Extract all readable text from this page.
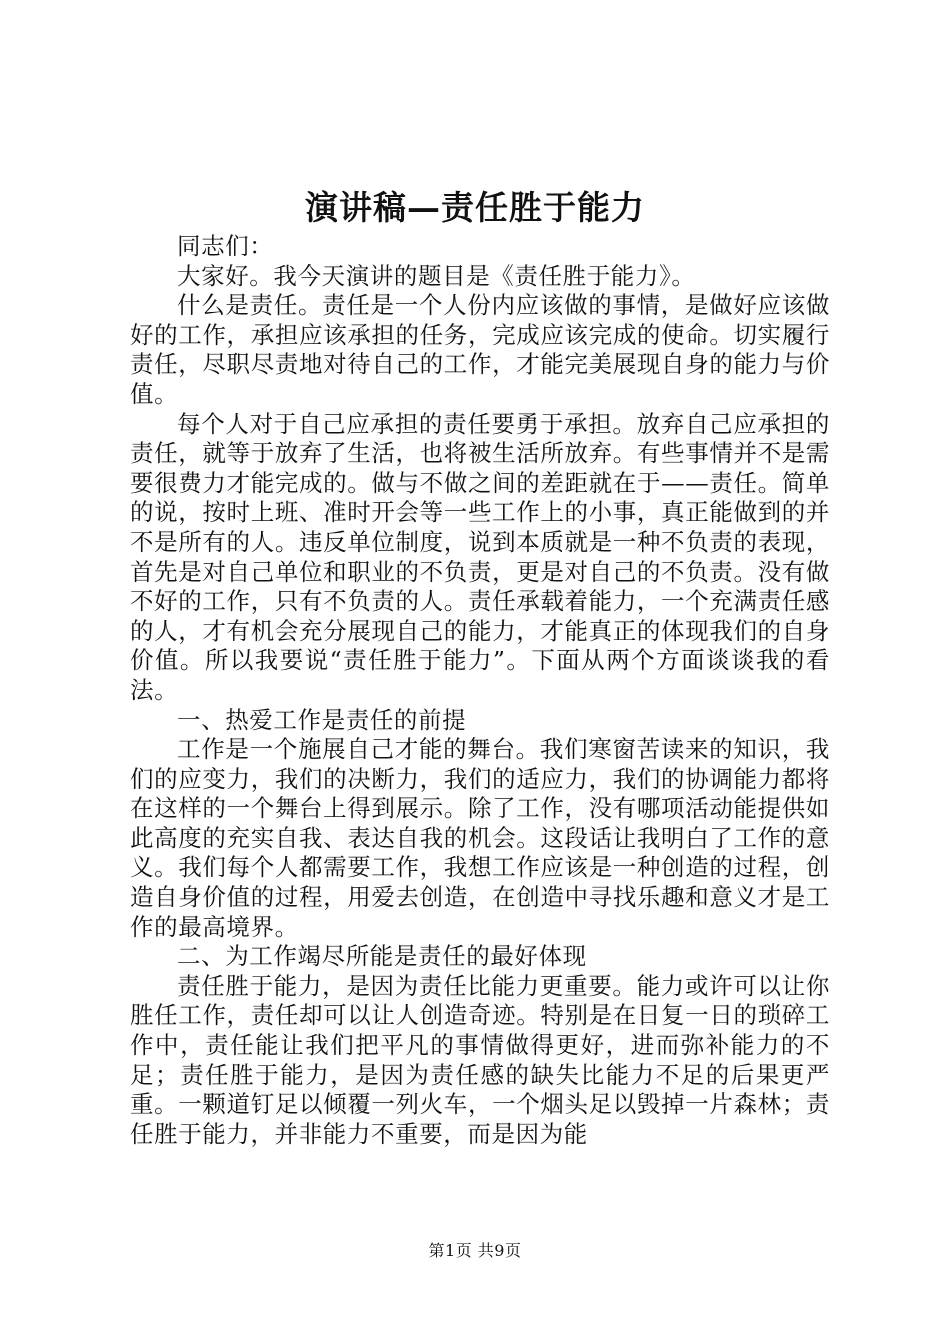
演讲稿—责任胜于能力

同志们：

大家好。我今天演讲的题目是《责任胜于能力》。

什么是责任。责任是一个人份内应该做的事情，是做好应该做好的工作，承担应该承担的任务，完成应该完成的使命。切实履行责任，尽职尽责地对待自己的工作，才能完美展现自身的能力与价值。

每个人对于自己应承担的责任要勇于承担。放弃自己应承担的责任，就等于放弃了生活，也将被生活所放弃。有些事情并不是需要很费力才能完成的。做与不做之间的差距就在于——责任。简单的说，按时上班、准时开会等一些工作上的小事，真正能做到的并不是所有的人。违反单位制度，说到本质就是一种不负责的表现，首先是对自己单位和职业的不负责，更是对自己的不负责。没有做不好的工作，只有不负责的人。责任承载着能力，一个充满责任感的人，才有机会充分展现自己的能力，才能真正的体现我们的自身价值。所以我要说“责任胜于能力”。下面从两个方面谈谈我的看法。

一、热爱工作是责任的前提

工作是一个施展自己才能的舞台。我们寒窗苦读来的知识，我们的应变力，我们的决断力，我们的适应力，我们的协调能力都将在这样的一个舞台上得到展示。除了工作，没有哪项活动能提供如此高度的充实自我、表达自我的机会。这段话让我明白了工作的意义。我们每个人都需要工作，我想工作应该是一种创造的过程，创造自身价值的过程，用爱去创造，在创造中寻找乐趣和意义才是工作的最高境界。

二、为工作竭尽所能是责任的最好体现

责任胜于能力，是因为责任比能力更重要。能力或许可以让你胜任工作，责任却可以让人创造奇迹。特别是在日复一日的琐碎工作中，责任能让我们把平凡的事情做得更好，进而弥补能力的不足；责任胜于能力，是因为责任感的缺失比能力不足的后果更严重。一颗道钉足以倾覆一列火车，一个烟头足以毁掉一片森林；责任胜于能力，并非能力不重要，而是因为能

第1页 共9页
